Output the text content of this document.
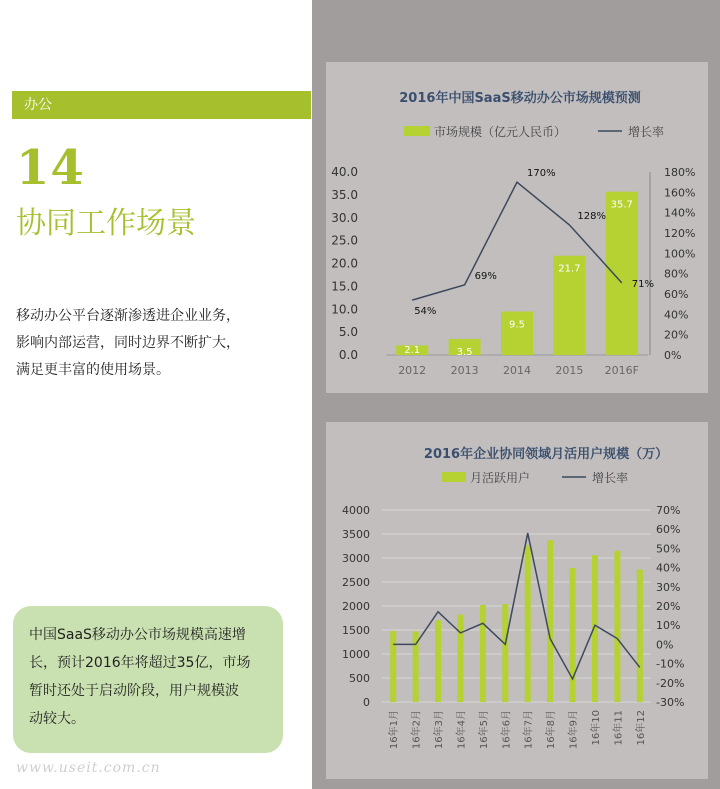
办公
14
协同工作场景
移动办公平台逐渐渗透进企业业务，
影响内部运营，同时边界不断扩大，
满足更丰富的使用场景。
中国SaaS移动办公市场规模高速增
长，预计2016年将超过35亿，市场
暂时还处于启动阶段，用户规模波
动较大。
www.useit.com.cn
2016年中国SaaS移动办公市场规模预测
市场规模（亿元人民币）	增长率
0.0
5.0
10.0
15.0
20.0
25.0
30.0
35.0
40.0
0%
20%
40%
60%
80%
100%
120%
140%
160%
180%
2.1	3.5
9.5
21.7
35.7
2012 2013 2014 2015 2016F
54%
69%
170%
128%
71%
2016年企业协同领域月活用户规模（万）
月活跃用户	增长率
0
500
1000
1500
2000
2500
3000
3500
4000
-30%
-20%
-10%
0%
10%
20%
30%
40%
50%
60%
70%
16年1月 16年2月 16年3月 16年4月 16年5月 16年6月 16年7月 16年8月 16年9月 16年10 16年11 16年12
